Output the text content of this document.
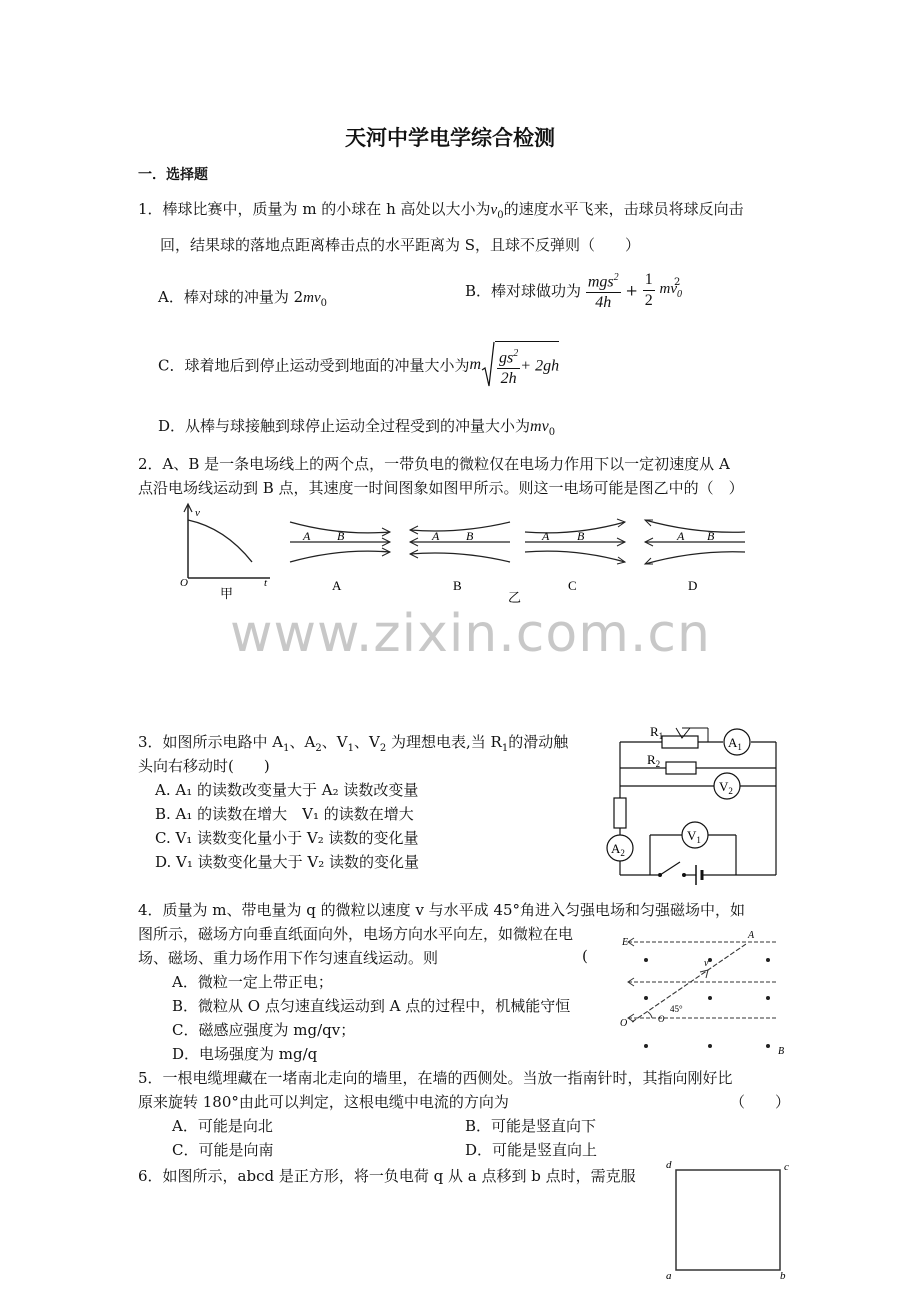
天河中学电学综合检测
一．选择题
1．棒球比赛中，质量为 m 的小球在 h 高处以大小为$v_0$的速度水平飞来，击球员将球反向击
回，结果球的落地点距离棒击点的水平距离为 S，且球不反弹则（　　）
A．棒对球的冲量为 $2mv_0$
B．棒对球做功为 $\frac{mgs^2}{4h} + \frac{1}{2} mv_0^2$
C．球着地后到停止运动受到地面的冲量大小为m $\frac{gs^2}{2h} + 2gh$
D．从棒与球接触到球停止运动全过程受到的冲量大小为$mv_0$
2．A、B 是一条电场线上的两个点，一带负电的微粒仅在电场力作用下以一定初速度从 A
点沿电场线运动到 B 点，其速度一时间图象如图甲所示。则这一电场可能是图乙中的（　）
v
O	t
甲
A B
A
A B
B
A B
C
A B
D
乙
www.zixin.com.cn
3．如图所示电路中 $A_1$、$A_2$、$V_1$、$V_2$ 为理想电表,当 $R_1$的滑动触
头向右移动时(　　)
A. A₁ 的读数改变量大于 A₂ 读数改变量
B. A₁ 的读数在增大　V₁ 的读数在增大
C. V₁ 读数变化量小于 V₂ 读数的变化量
D. V₁ 读数变化量大于 V₂ 读数的变化量
$R_1$	$A_1$
$R_2$
$V_2$
$A_2$
$V_1$
4．质量为 m、带电量为 q 的微粒以速度 v 与水平成 45°角进入匀强电场和匀强磁场中，如
图所示，磁场方向垂直纸面向外，电场方向水平向左，如微粒在电
场、磁场、重力场作用下作匀速直线运动。则	(
A．微粒一定上带正电；
B．微粒从 O 点匀速直线运动到 A 点的过程中，机械能守恒
C．磁感应强度为 mg/qv；
D．电场强度为 mg/q
E
A
v
O	O
45°
B
5．一根电缆埋藏在一堵南北走向的墙里，在墙的西侧处。当放一指南针时，其指向刚好比
原来旋转 180°由此可以判定，这根电缆中电流的方向为	（　　）
A．可能是向北	B．可能是竖直向下
C．可能是向南	D．可能是竖直向上
6．如图所示，abcd 是正方形，将一负电荷 q 从 a 点移到 b 点时，需克服
d	c
a	b
